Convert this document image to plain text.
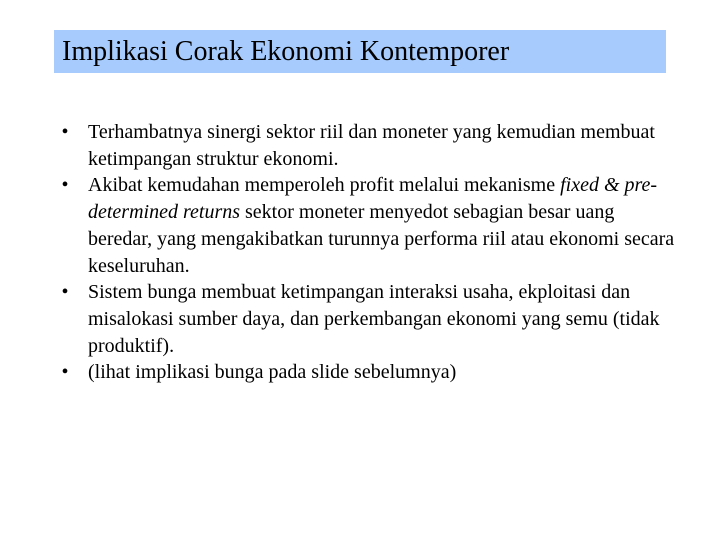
Implikasi Corak Ekonomi Kontemporer
• Terhambatnya sinergi sektor riil dan moneter yang kemudian membuat ketimpangan struktur ekonomi.
• Akibat kemudahan memperoleh profit melalui mekanisme fixed & pre-determined returns sektor moneter menyedot sebagian besar uang beredar, yang mengakibatkan turunnya performa riil atau ekonomi secara keseluruhan.
• Sistem bunga membuat ketimpangan interaksi usaha, ekploitasi dan misalokasi sumber daya, dan perkembangan ekonomi yang semu (tidak produktif).
• (lihat implikasi bunga pada slide sebelumnya)
